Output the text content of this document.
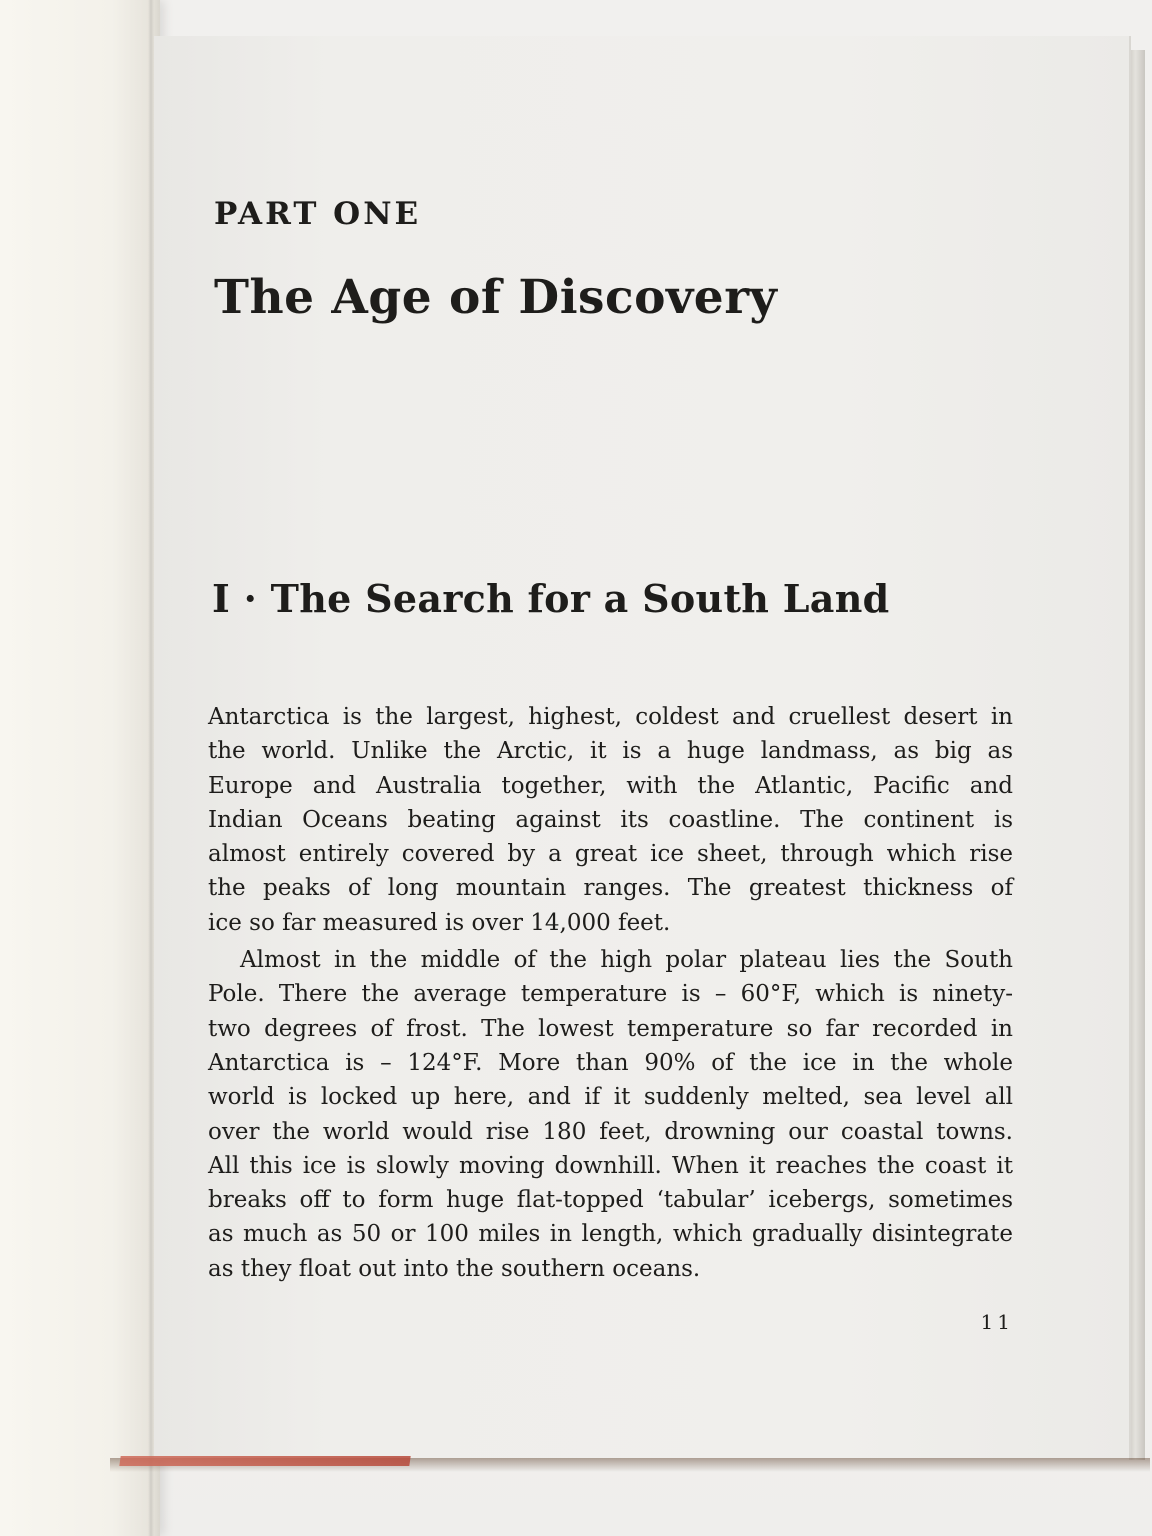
PART ONE
The Age of Discovery
I · The Search for a South Land

Antarctica is the largest, highest, coldest and cruellest desert in
the world. Unlike the Arctic, it is a huge landmass, as big as
Europe and Australia together, with the Atlantic, Pacific and
Indian Oceans beating against its coastline. The continent is
almost entirely covered by a great ice sheet, through which rise
the peaks of long mountain ranges. The greatest thickness of
ice so far measured is over 14,000 feet.

Almost in the middle of the high polar plateau lies the South
Pole. There the average temperature is – 60°F, which is ninety-
two degrees of frost. The lowest temperature so far recorded in
Antarctica is – 124°F. More than 90% of the ice in the whole
world is locked up here, and if it suddenly melted, sea level all
over the world would rise 180 feet, drowning our coastal towns.
All this ice is slowly moving downhill. When it reaches the coast it
breaks off to form huge flat-topped ‘tabular’ icebergs, sometimes
as much as 50 or 100 miles in length, which gradually disintegrate
as they float out into the southern oceans.

11
